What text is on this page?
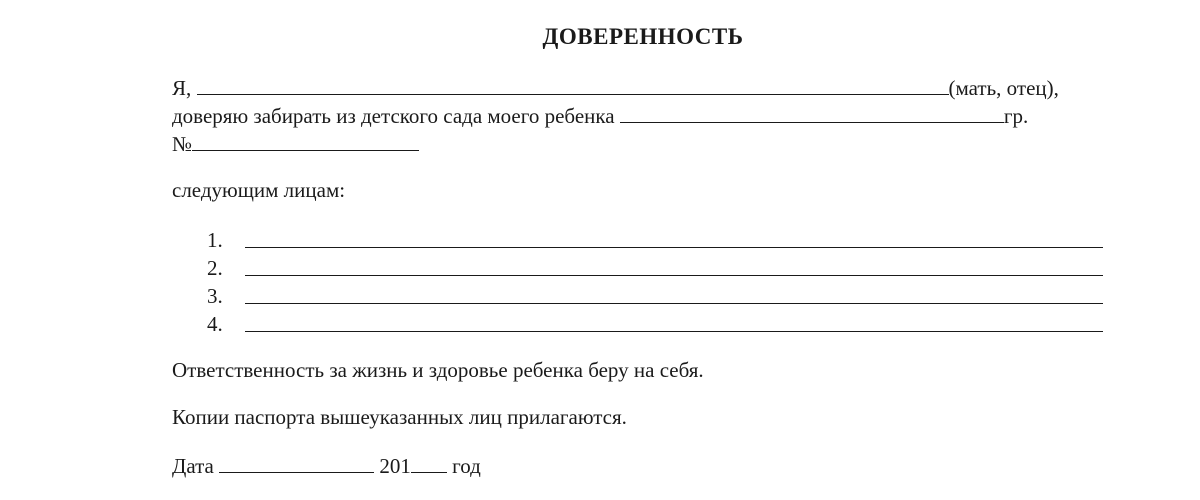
ДОВЕРЕННОСТЬ
Я,	(мать, отец),
доверяю забирать из детского сада моего ребенка	гр.
№
следующим лицам:
1.
2.
3.
4.
Ответственность за жизнь и здоровье ребенка беру на себя.
Копии паспорта вышеуказанных лиц прилагаются.
Дата	201 год
